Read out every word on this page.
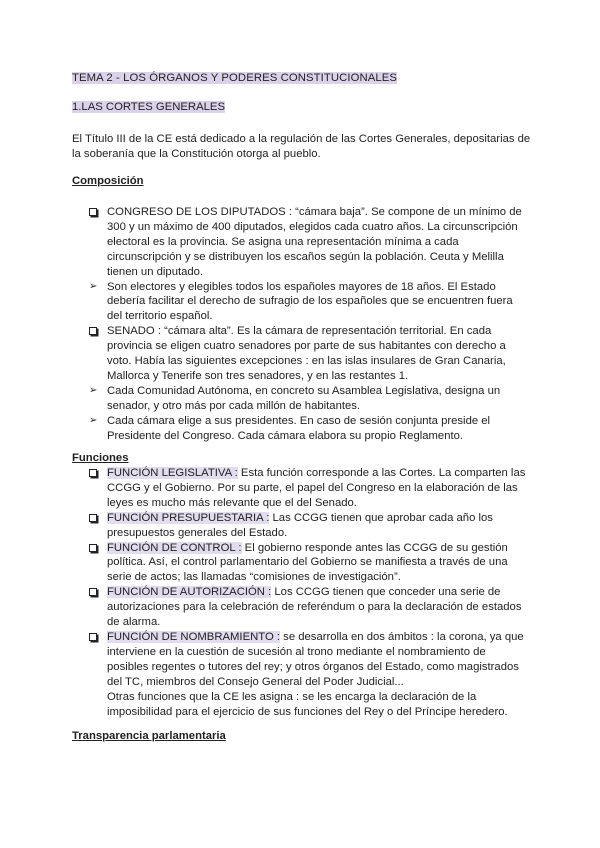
TEMA 2 - LOS ÓRGANOS Y PODERES CONSTITUCIONALES
1.LAS CORTES GENERALES
El Título III de la CE está dedicado a la regulación de las Cortes Generales, depositarias de la soberanía que la Constitución otorga al pueblo.
Composición
CONGRESO DE LOS DIPUTADOS : “cámara baja”. Se compone de un mínimo de 300 y un máximo de 400 diputados, elegidos cada cuatro años. La circunscripción electoral es la provincia. Se asigna una representación mínima a cada circunscripción y se distribuyen los escaños según la población. Ceuta y Melilla tienen un diputado.
➢ Son electores y elegibles todos los españoles mayores de 18 años. El Estado debería facilitar el derecho de sufragio de los españoles que se encuentren fuera del territorio español.
SENADO : “cámara alta”. Es la cámara de representación territorial. En cada provincia se eligen cuatro senadores por parte de sus habitantes con derecho a voto. Había las siguientes excepciones : en las islas insulares de Gran Canaria, Mallorca y Tenerife son tres senadores, y en las restantes 1.
➢ Cada Comunidad Autónoma, en concreto su Asamblea Legislativa, designa un senador, y otro más por cada millón de habitantes.
➢ Cada cámara elige a sus presidentes. En caso de sesión conjunta preside el Presidente del Congreso. Cada cámara elabora su propio Reglamento.
Funciones
FUNCIÓN LEGISLATIVA : Esta función corresponde a las Cortes. La comparten las CCGG y el Gobierno. Por su parte, el papel del Congreso en la elaboración de las leyes es mucho más relevante que el del Senado.
FUNCIÓN PRESUPUESTARIA : Las CCGG tienen que aprobar cada año los presupuestos generales del Estado.
FUNCIÓN DE CONTROL : El gobierno responde antes las CCGG de su gestión política. Así, el control parlamentario del Gobierno se manifiesta a través de una serie de actos; las llamadas “comisiones de investigación”.
FUNCIÓN DE AUTORIZACIÓN : Los CCGG tienen que conceder una serie de autorizaciones para la celebración de referéndum o para la declaración de estados de alarma.
FUNCIÓN DE NOMBRAMIENTO : se desarrolla en dos ámbitos : la corona, ya que interviene en la cuestión de sucesión al trono mediante el nombramiento de posibles regentes o tutores del rey; y otros órganos del Estado, como magistrados del TC, miembros del Consejo General del Poder Judicial...
Otras funciones que la CE les asigna : se les encarga la declaración de la imposibilidad para el ejercicio de sus funciones del Rey o del Príncipe heredero.
Transparencia parlamentaria
